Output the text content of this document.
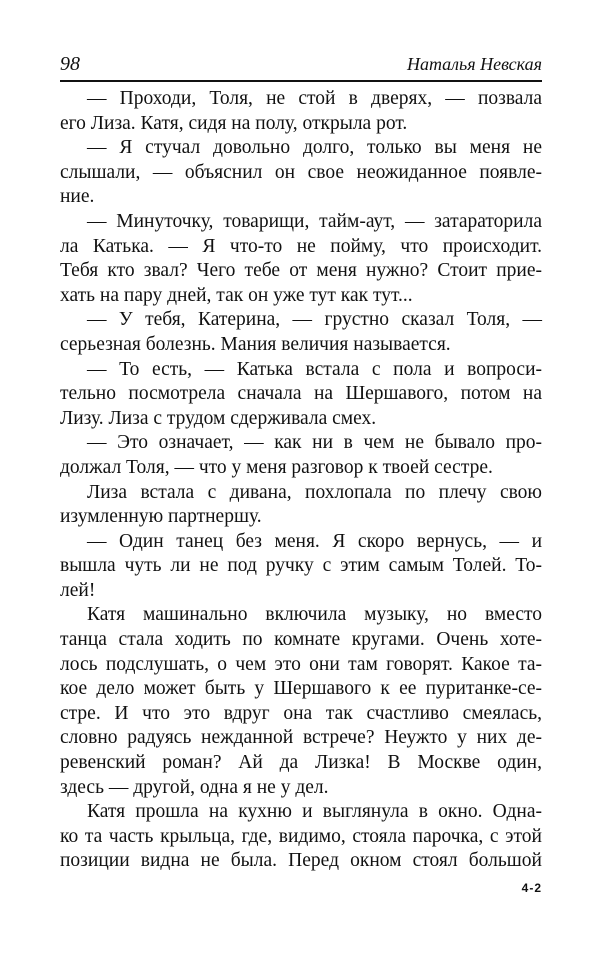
98	Наталья Невская
— Проходи, Толя, не стой в дверях, — позвала
его Лиза. Катя, сидя на полу, открыла рот.
— Я стучал довольно долго, только вы меня не
слышали, — объяснил он свое неожиданное появле-
ние.
— Минуточку, товарищи, тайм-аут, — затараторила
ла Катька. — Я что-то не пойму, что происходит.
Тебя кто звал? Чего тебе от меня нужно? Стоит прие-
хать на пару дней, так он уже тут как тут...
— У тебя, Катерина, — грустно сказал Толя, —
серьезная болезнь. Мания величия называется.
— То есть, — Катька встала с пола и вопроси-
тельно посмотрела сначала на Шершавого, потом на
Лизу. Лиза с трудом сдерживала смех.
— Это означает, — как ни в чем не бывало про-
должал Толя, — что у меня разговор к твоей сестре.
Лиза встала с дивана, похлопала по плечу свою
изумленную партнершу.
— Один танец без меня. Я скоро вернусь, — и
вышла чуть ли не под ручку с этим самым Толей. То-
лей!
Катя машинально включила музыку, но вместо
танца стала ходить по комнате кругами. Очень хоте-
лось подслушать, о чем это они там говорят. Какое та-
кое дело может быть у Шершавого к ее пуританке-се-
стре. И что это вдруг она так счастливо смеялась,
словно радуясь нежданной встрече? Неужто у них де-
ревенский роман? Ай да Лизка! В Москве один,
здесь — другой, одна я не у дел.
Катя прошла на кухню и выглянула в окно. Одна-
ко та часть крыльца, где, видимо, стояла парочка, с этой
позиции видна не была. Перед окном стоял большой
4-2
